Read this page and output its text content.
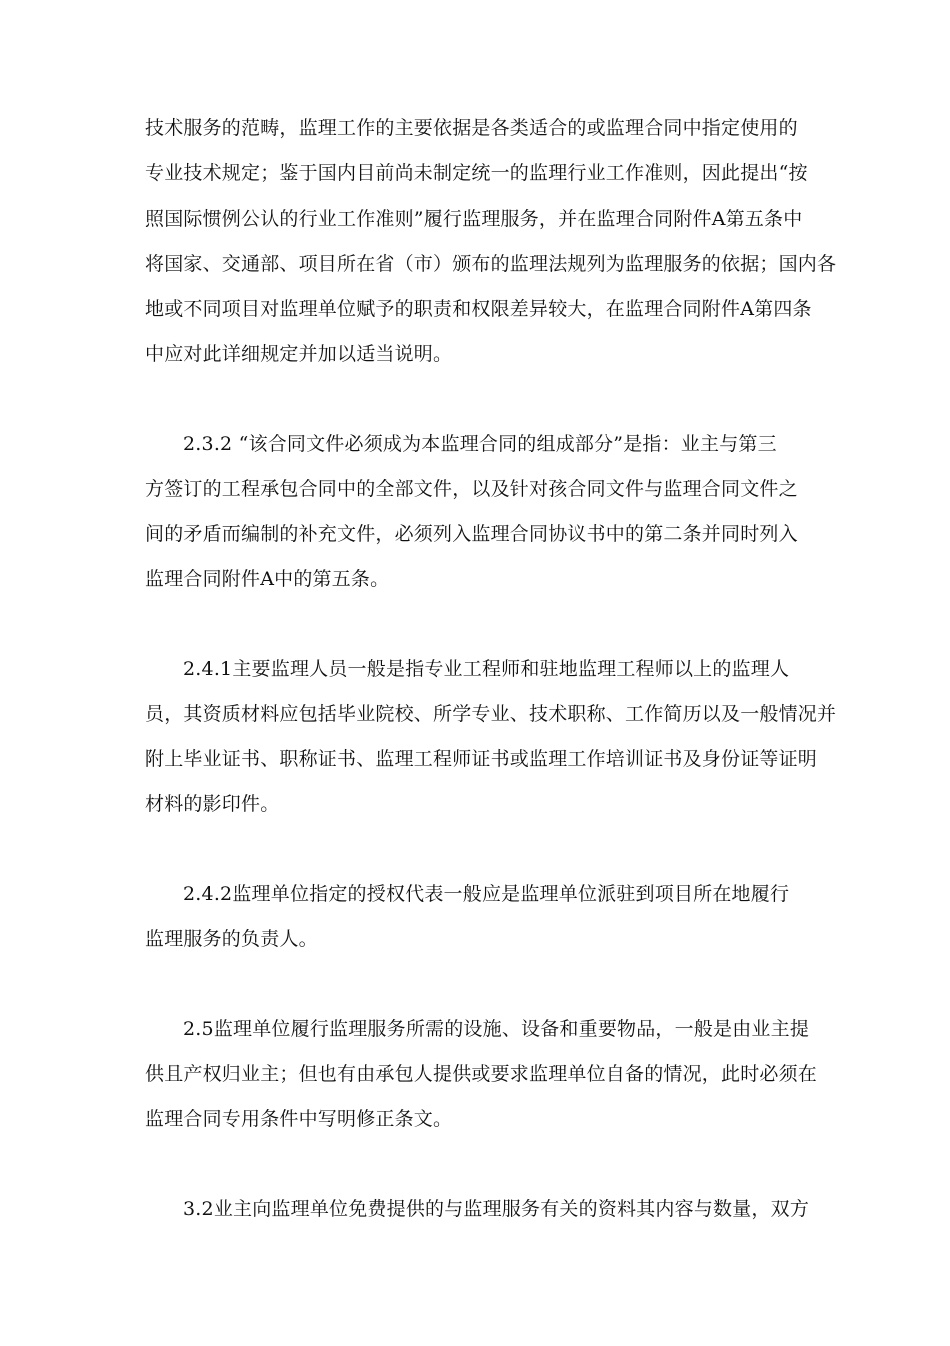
技术服务的范畴，监理工作的主要依据是各类适合的或监理合同中指定使用的
专业技术规定；鉴于国内目前尚未制定统一的监理行业工作准则，因此提出“按
照国际惯例公认的行业工作准则”履行监理服务，并在监理合同附件A第五条中
将国家、交通部、项目所在省（市）颁布的监理法规列为监理服务的依据；国内各
地或不同项目对监理单位赋予的职责和权限差异较大，在监理合同附件A第四条
中应对此详细规定并加以适当说明。
2.3.2 “该合同文件必须成为本监理合同的组成部分”是指：业主与第三
方签订的工程承包合同中的全部文件，以及针对孩合同文件与监理合同文件之
间的矛盾而编制的补充文件，必须列入监理合同协议书中的第二条并同时列入
监理合同附件A中的第五条。
2.4.1主要监理人员一般是指专业工程师和驻地监理工程师以上的监理人
员，其资质材料应包括毕业院校、所学专业、技术职称、工作简历以及一般情况并
附上毕业证书、职称证书、监理工程师证书或监理工作培训证书及身份证等证明
材料的影印件。
2.4.2监理单位指定的授权代表一般应是监理单位派驻到项目所在地履行
监理服务的负责人。
2.5监理单位履行监理服务所需的设施、设备和重要物品，一般是由业主提
供且产权归业主；但也有由承包人提供或要求监理单位自备的情况，此时必须在
监理合同专用条件中写明修正条文。
3.2业主向监理单位免费提供的与监理服务有关的资料其内容与数量，双方
